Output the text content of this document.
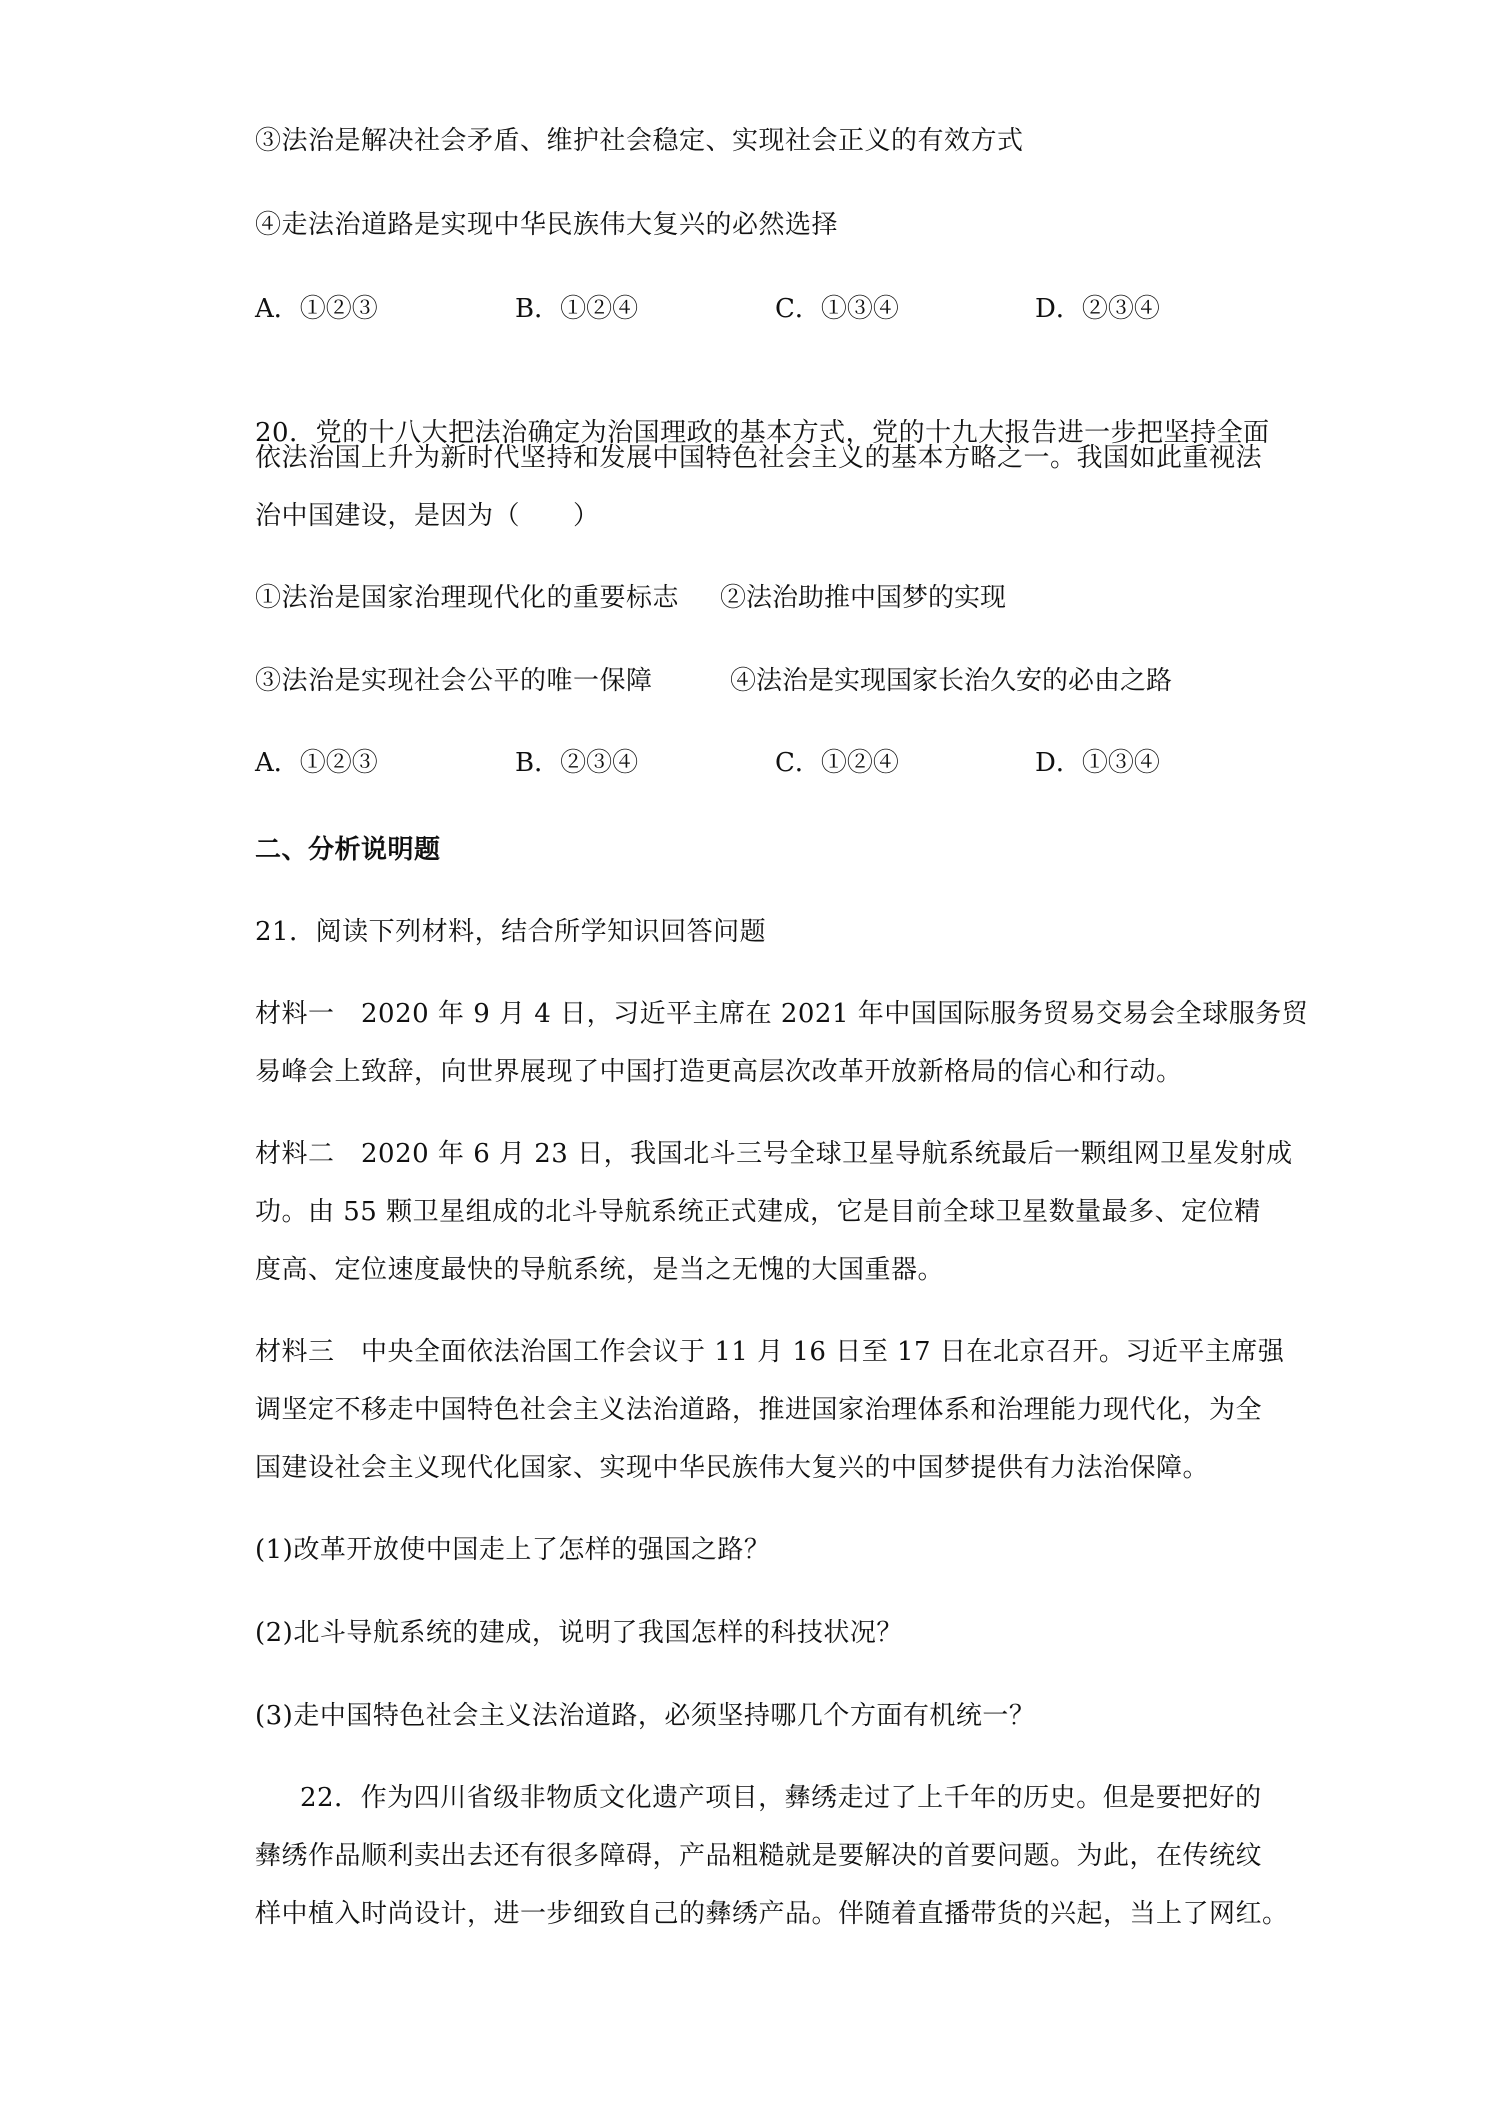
③法治是解决社会矛盾、维护社会稳定、实现社会正义的有效方式
④走法治道路是实现中华民族伟大复兴的必然选择
A．①②③	B．①②④	C．①③④	D．②③④
20．党的十八大把法治确定为治国理政的基本方式，党的十九大报告进一步把坚持全面
依法治国上升为新时代坚持和发展中国特色社会主义的基本方略之一。我国如此重视法
治中国建设，是因为（　　）
①法治是国家治理现代化的重要标志 ②法治助推中国梦的实现
③法治是实现社会公平的唯一保障	④法治是实现国家长治久安的必由之路
A．①②③	B．②③④	C．①②④	D．①③④
二、分析说明题
21．阅读下列材料，结合所学知识回答问题
材料一　2020 年 9 月 4 日，习近平主席在 2021 年中国国际服务贸易交易会全球服务贸
易峰会上致辞，向世界展现了中国打造更高层次改革开放新格局的信心和行动。
材料二　2020 年 6 月 23 日，我国北斗三号全球卫星导航系统最后一颗组网卫星发射成
功。由 55 颗卫星组成的北斗导航系统正式建成，它是目前全球卫星数量最多、定位精
度高、定位速度最快的导航系统，是当之无愧的大国重器。
材料三　中央全面依法治国工作会议于 11 月 16 日至 17 日在北京召开。习近平主席强
调坚定不移走中国特色社会主义法治道路，推进国家治理体系和治理能力现代化，为全
国建设社会主义现代化国家、实现中华民族伟大复兴的中国梦提供有力法治保障。
(1)改革开放使中国走上了怎样的强国之路？
(2)北斗导航系统的建成，说明了我国怎样的科技状况？
(3)走中国特色社会主义法治道路，必须坚持哪几个方面有机统一？
22．作为四川省级非物质文化遗产项目，彝绣走过了上千年的历史。但是要把好的
彝绣作品顺利卖出去还有很多障碍，产品粗糙就是要解决的首要问题。为此，在传统纹
样中植入时尚设计，进一步细致自己的彝绣产品。伴随着直播带货的兴起，当上了网红。
